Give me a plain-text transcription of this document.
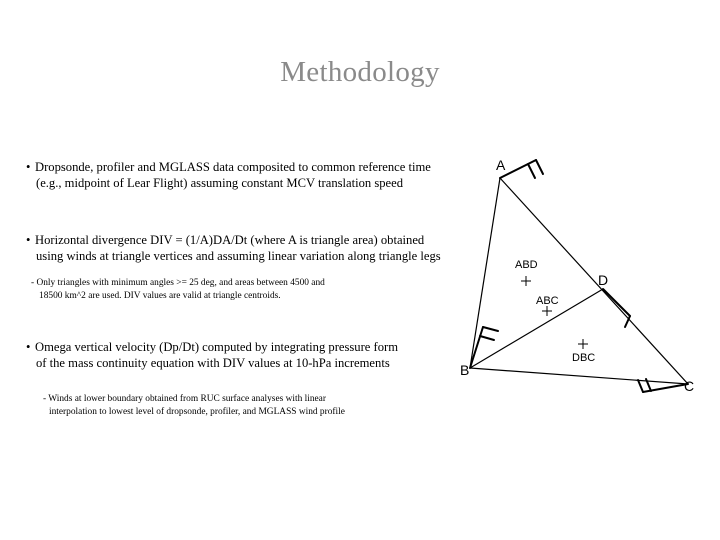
Methodology
• Dropsonde, profiler and MGLASS data composited to common reference time
(e.g., midpoint of Lear Flight) assuming constant MCV translation speed
• Horizontal divergence DIV = (1/A)DA/Dt (where A is triangle area) obtained
using winds at triangle vertices and assuming linear variation along triangle legs
- Only triangles with minimum angles >= 25 deg, and areas between 4500 and
18500 km^2 are used. DIV values are valid at triangle centroids.
• Omega vertical velocity (Dp/Dt) computed by integrating pressure form
of the mass continuity equation with DIV values at 10-hPa increments
- Winds at lower boundary obtained from RUC surface analyses with linear
interpolation to lowest level of dropsonde, profiler, and MGLASS wind profile
A
B
C
D
ABD
ABC
DBC
